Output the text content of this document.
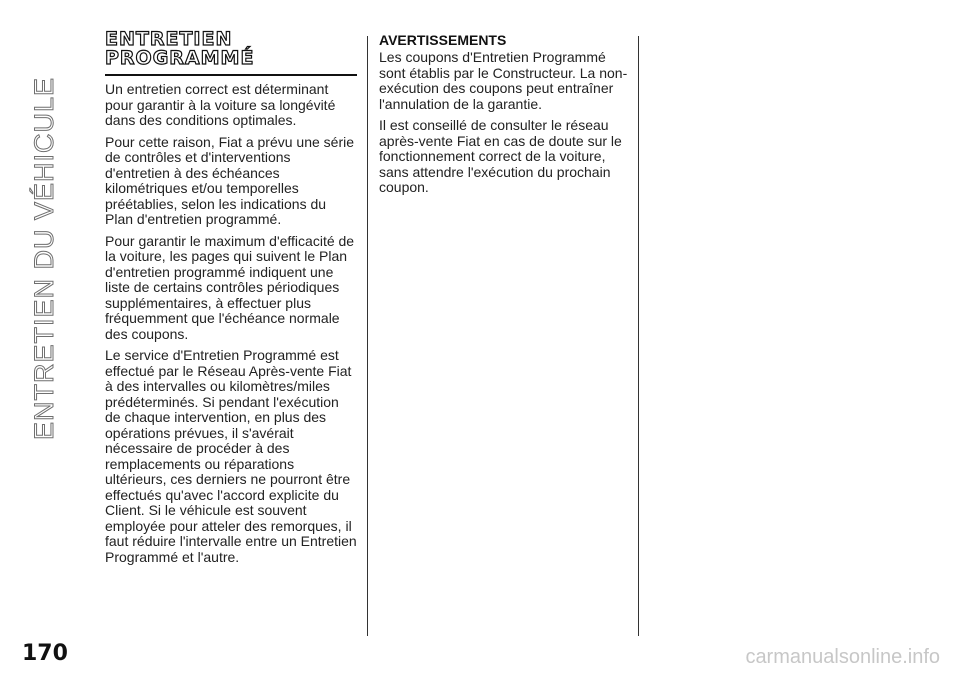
ENTRETIEN DU VÉHICULE
ENTRETIEN
PROGRAMMÉ

Un entretien correct est déterminant pour garantir à la voiture sa longévité dans des conditions optimales.

Pour cette raison, Fiat a prévu une série de contrôles et d'interventions d'entretien à des échéances kilométriques et/ou temporelles préétablies, selon les indications du Plan d'entretien programmé.

Pour garantir le maximum d'efficacité de la voiture, les pages qui suivent le Plan d'entretien programmé indiquent une liste de certains contrôles périodiques supplémentaires, à effectuer plus fréquemment que l'échéance normale des coupons.

Le service d'Entretien Programmé est effectué par le Réseau Après-vente Fiat à des intervalles ou kilomètres/miles prédéterminés. Si pendant l'exécution de chaque intervention, en plus des opérations prévues, il s'avérait nécessaire de procéder à des remplacements ou réparations ultérieurs, ces derniers ne pourront être effectués qu'avec l'accord explicite du Client. Si le véhicule est souvent employée pour atteler des remorques, il faut réduire l'intervalle entre un Entretien Programmé et l'autre.

AVERTISSEMENTS

Les coupons d'Entretien Programmé sont établis par le Constructeur. La non-exécution des coupons peut entraîner l'annulation de la garantie.

Il est conseillé de consulter le réseau après-vente Fiat en cas de doute sur le fonctionnement correct de la voiture, sans attendre l'exécution du prochain coupon.

170	carmanualsonline.info
